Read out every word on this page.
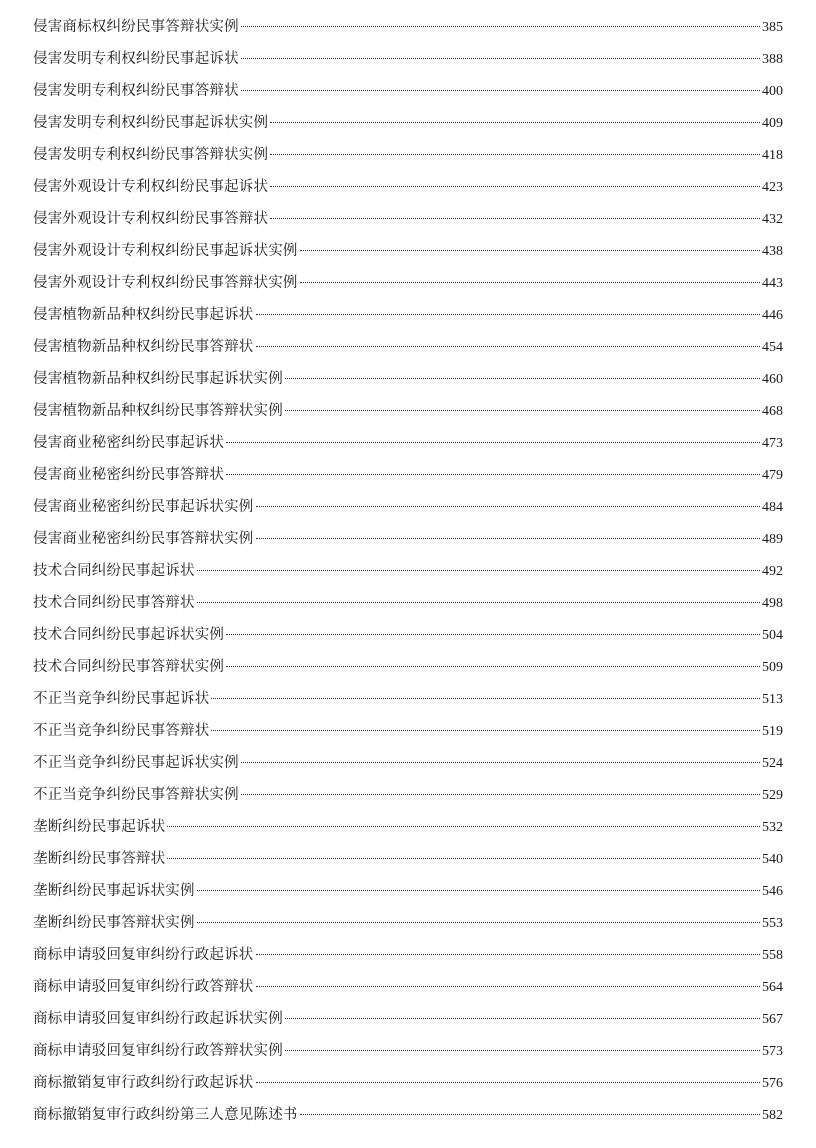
侵害商标权纠纷民事答辩状实例	385
侵害发明专利权纠纷民事起诉状	388
侵害发明专利权纠纷民事答辩状	400
侵害发明专利权纠纷民事起诉状实例	409
侵害发明专利权纠纷民事答辩状实例	418
侵害外观设计专利权纠纷民事起诉状	423
侵害外观设计专利权纠纷民事答辩状	432
侵害外观设计专利权纠纷民事起诉状实例	438
侵害外观设计专利权纠纷民事答辩状实例	443
侵害植物新品种权纠纷民事起诉状	446
侵害植物新品种权纠纷民事答辩状	454
侵害植物新品种权纠纷民事起诉状实例	460
侵害植物新品种权纠纷民事答辩状实例	468
侵害商业秘密纠纷民事起诉状	473
侵害商业秘密纠纷民事答辩状	479
侵害商业秘密纠纷民事起诉状实例	484
侵害商业秘密纠纷民事答辩状实例	489
技术合同纠纷民事起诉状	492
技术合同纠纷民事答辩状	498
技术合同纠纷民事起诉状实例	504
技术合同纠纷民事答辩状实例	509
不正当竞争纠纷民事起诉状	513
不正当竞争纠纷民事答辩状	519
不正当竞争纠纷民事起诉状实例	524
不正当竞争纠纷民事答辩状实例	529
垄断纠纷民事起诉状	532
垄断纠纷民事答辩状	540
垄断纠纷民事起诉状实例	546
垄断纠纷民事答辩状实例	553
商标申请驳回复审纠纷行政起诉状	558
商标申请驳回复审纠纷行政答辩状	564
商标申请驳回复审纠纷行政起诉状实例	567
商标申请驳回复审纠纷行政答辩状实例	573
商标撤销复审行政纠纷行政起诉状	576
商标撤销复审行政纠纷第三人意见陈述书	582
